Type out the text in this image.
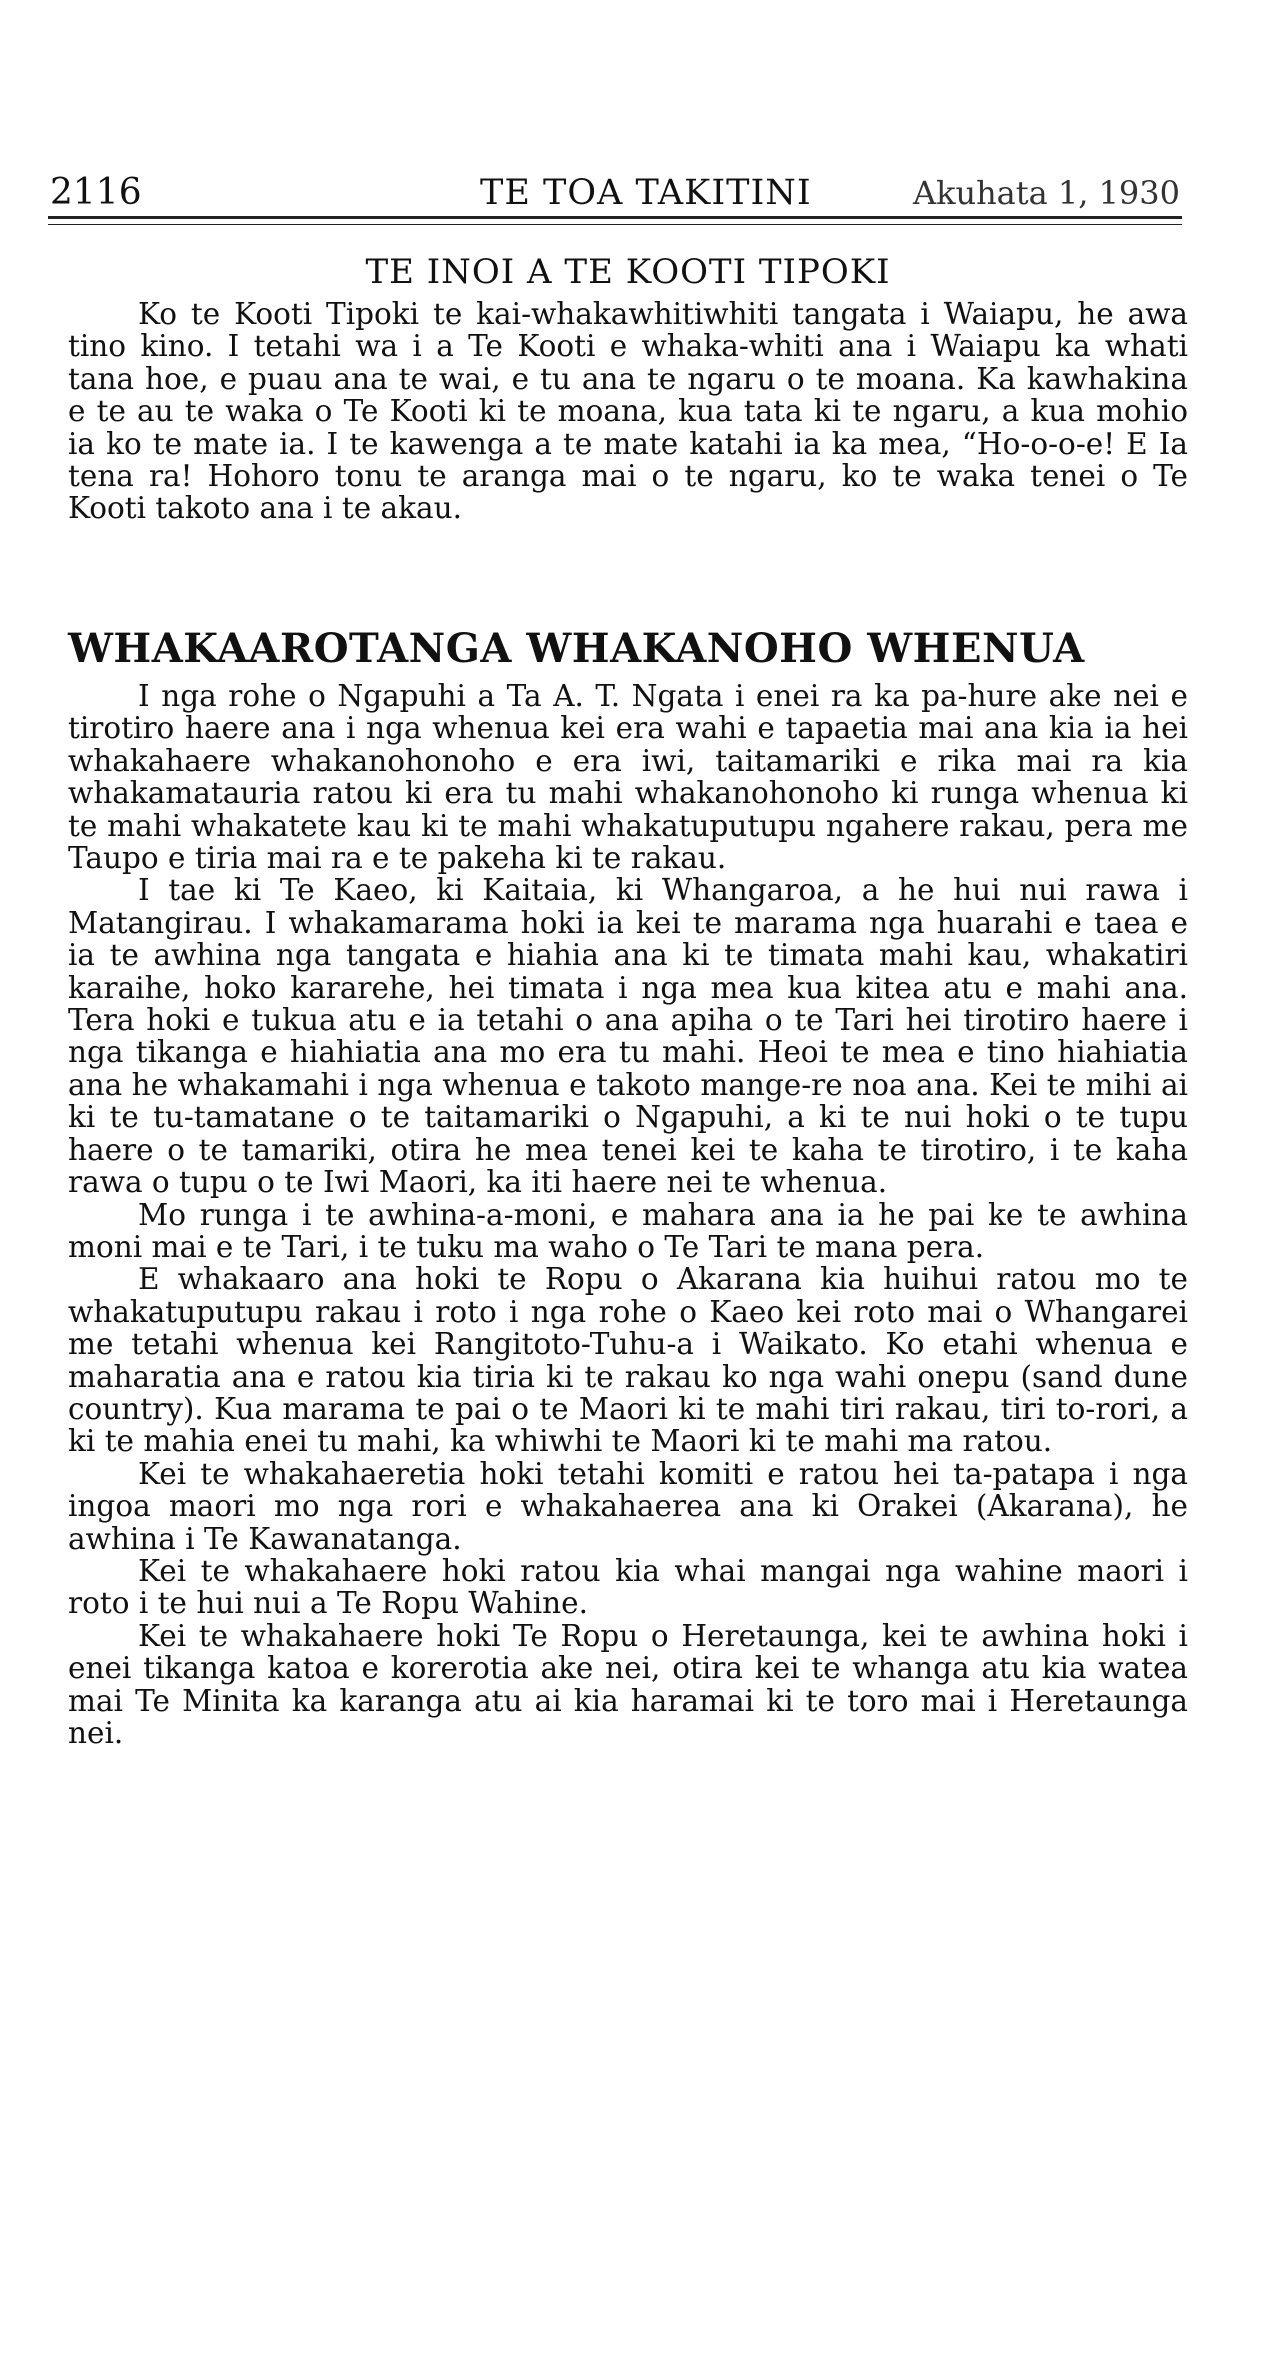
2116	TE TOA TAKITINI	Akuhata 1, 1930
TE INOI A TE KOOTI TIPOKI

Ko te Kooti Tipoki te kai-whakawhitiwhiti tangata i Waiapu, he awa tino kino. I tetahi wa i a Te Kooti e whaka-whiti ana i Waiapu ka whati tana hoe, e puau ana te wai, e tu ana te ngaru o te moana. Ka kawhakina e te au te waka o Te Kooti ki te moana, kua tata ki te ngaru, a kua mohio ia ko te mate ia. I te kawenga a te mate katahi ia ka mea, “Ho-o-o-e! E Ia tena ra! Hohoro tonu te aranga mai o te ngaru, ko te waka tenei o Te Kooti takoto ana i te akau.

WHAKAAROTANGA WHAKANOHO WHENUA

I nga rohe o Ngapuhi a Ta A. T. Ngata i enei ra ka pa-hure ake nei e tirotiro haere ana i nga whenua kei era wahi e tapaetia mai ana kia ia hei whakahaere whakanohonoho e era iwi, taitamariki e rika mai ra kia whakamatauria ratou ki era tu mahi whakanohonoho ki runga whenua ki te mahi whakatete kau ki te mahi whakatuputupu ngahere rakau, pera me Taupo e tiria mai ra e te pakeha ki te rakau.

I tae ki Te Kaeo, ki Kaitaia, ki Whangaroa, a he hui nui rawa i Matangirau. I whakamarama hoki ia kei te marama nga huarahi e taea e ia te awhina nga tangata e hiahia ana ki te timata mahi kau, whakatiri karaihe, hoko kararehe, hei timata i nga mea kua kitea atu e mahi ana. Tera hoki e tukua atu e ia tetahi o ana apiha o te Tari hei tirotiro haere i nga tikanga e hiahiatia ana mo era tu mahi. Heoi te mea e tino hiahiatia ana he whakamahi i nga whenua e takoto mange-re noa ana. Kei te mihi ai ki te tu-tamatane o te taitamariki o Ngapuhi, a ki te nui hoki o te tupu haere o te tamariki, otira he mea tenei kei te kaha te tirotiro, i te kaha rawa o tupu o te Iwi Maori, ka iti haere nei te whenua.

Mo runga i te awhina-a-moni, e mahara ana ia he pai ke te awhina moni mai e te Tari, i te tuku ma waho o Te Tari te mana pera.

E whakaaro ana hoki te Ropu o Akarana kia huihui ratou mo te whakatuputupu rakau i roto i nga rohe o Kaeo kei roto mai o Whangarei me tetahi whenua kei Rangitoto-Tuhu-a i Waikato. Ko etahi whenua e maharatia ana e ratou kia tiria ki te rakau ko nga wahi onepu (sand dune country). Kua marama te pai o te Maori ki te mahi tiri rakau, tiri to-rori, a ki te mahia enei tu mahi, ka whiwhi te Maori ki te mahi ma ratou.

Kei te whakahaeretia hoki tetahi komiti e ratou hei ta-patapa i nga ingoa maori mo nga rori e whakahaerea ana ki Orakei (Akarana), he awhina i Te Kawanatanga.

Kei te whakahaere hoki ratou kia whai mangai nga wahine maori i roto i te hui nui a Te Ropu Wahine.

Kei te whakahaere hoki Te Ropu o Heretaunga, kei te awhina hoki i enei tikanga katoa e korerotia ake nei, otira kei te whanga atu kia watea mai Te Minita ka karanga atu ai kia haramai ki te toro mai i Heretaunga nei.
